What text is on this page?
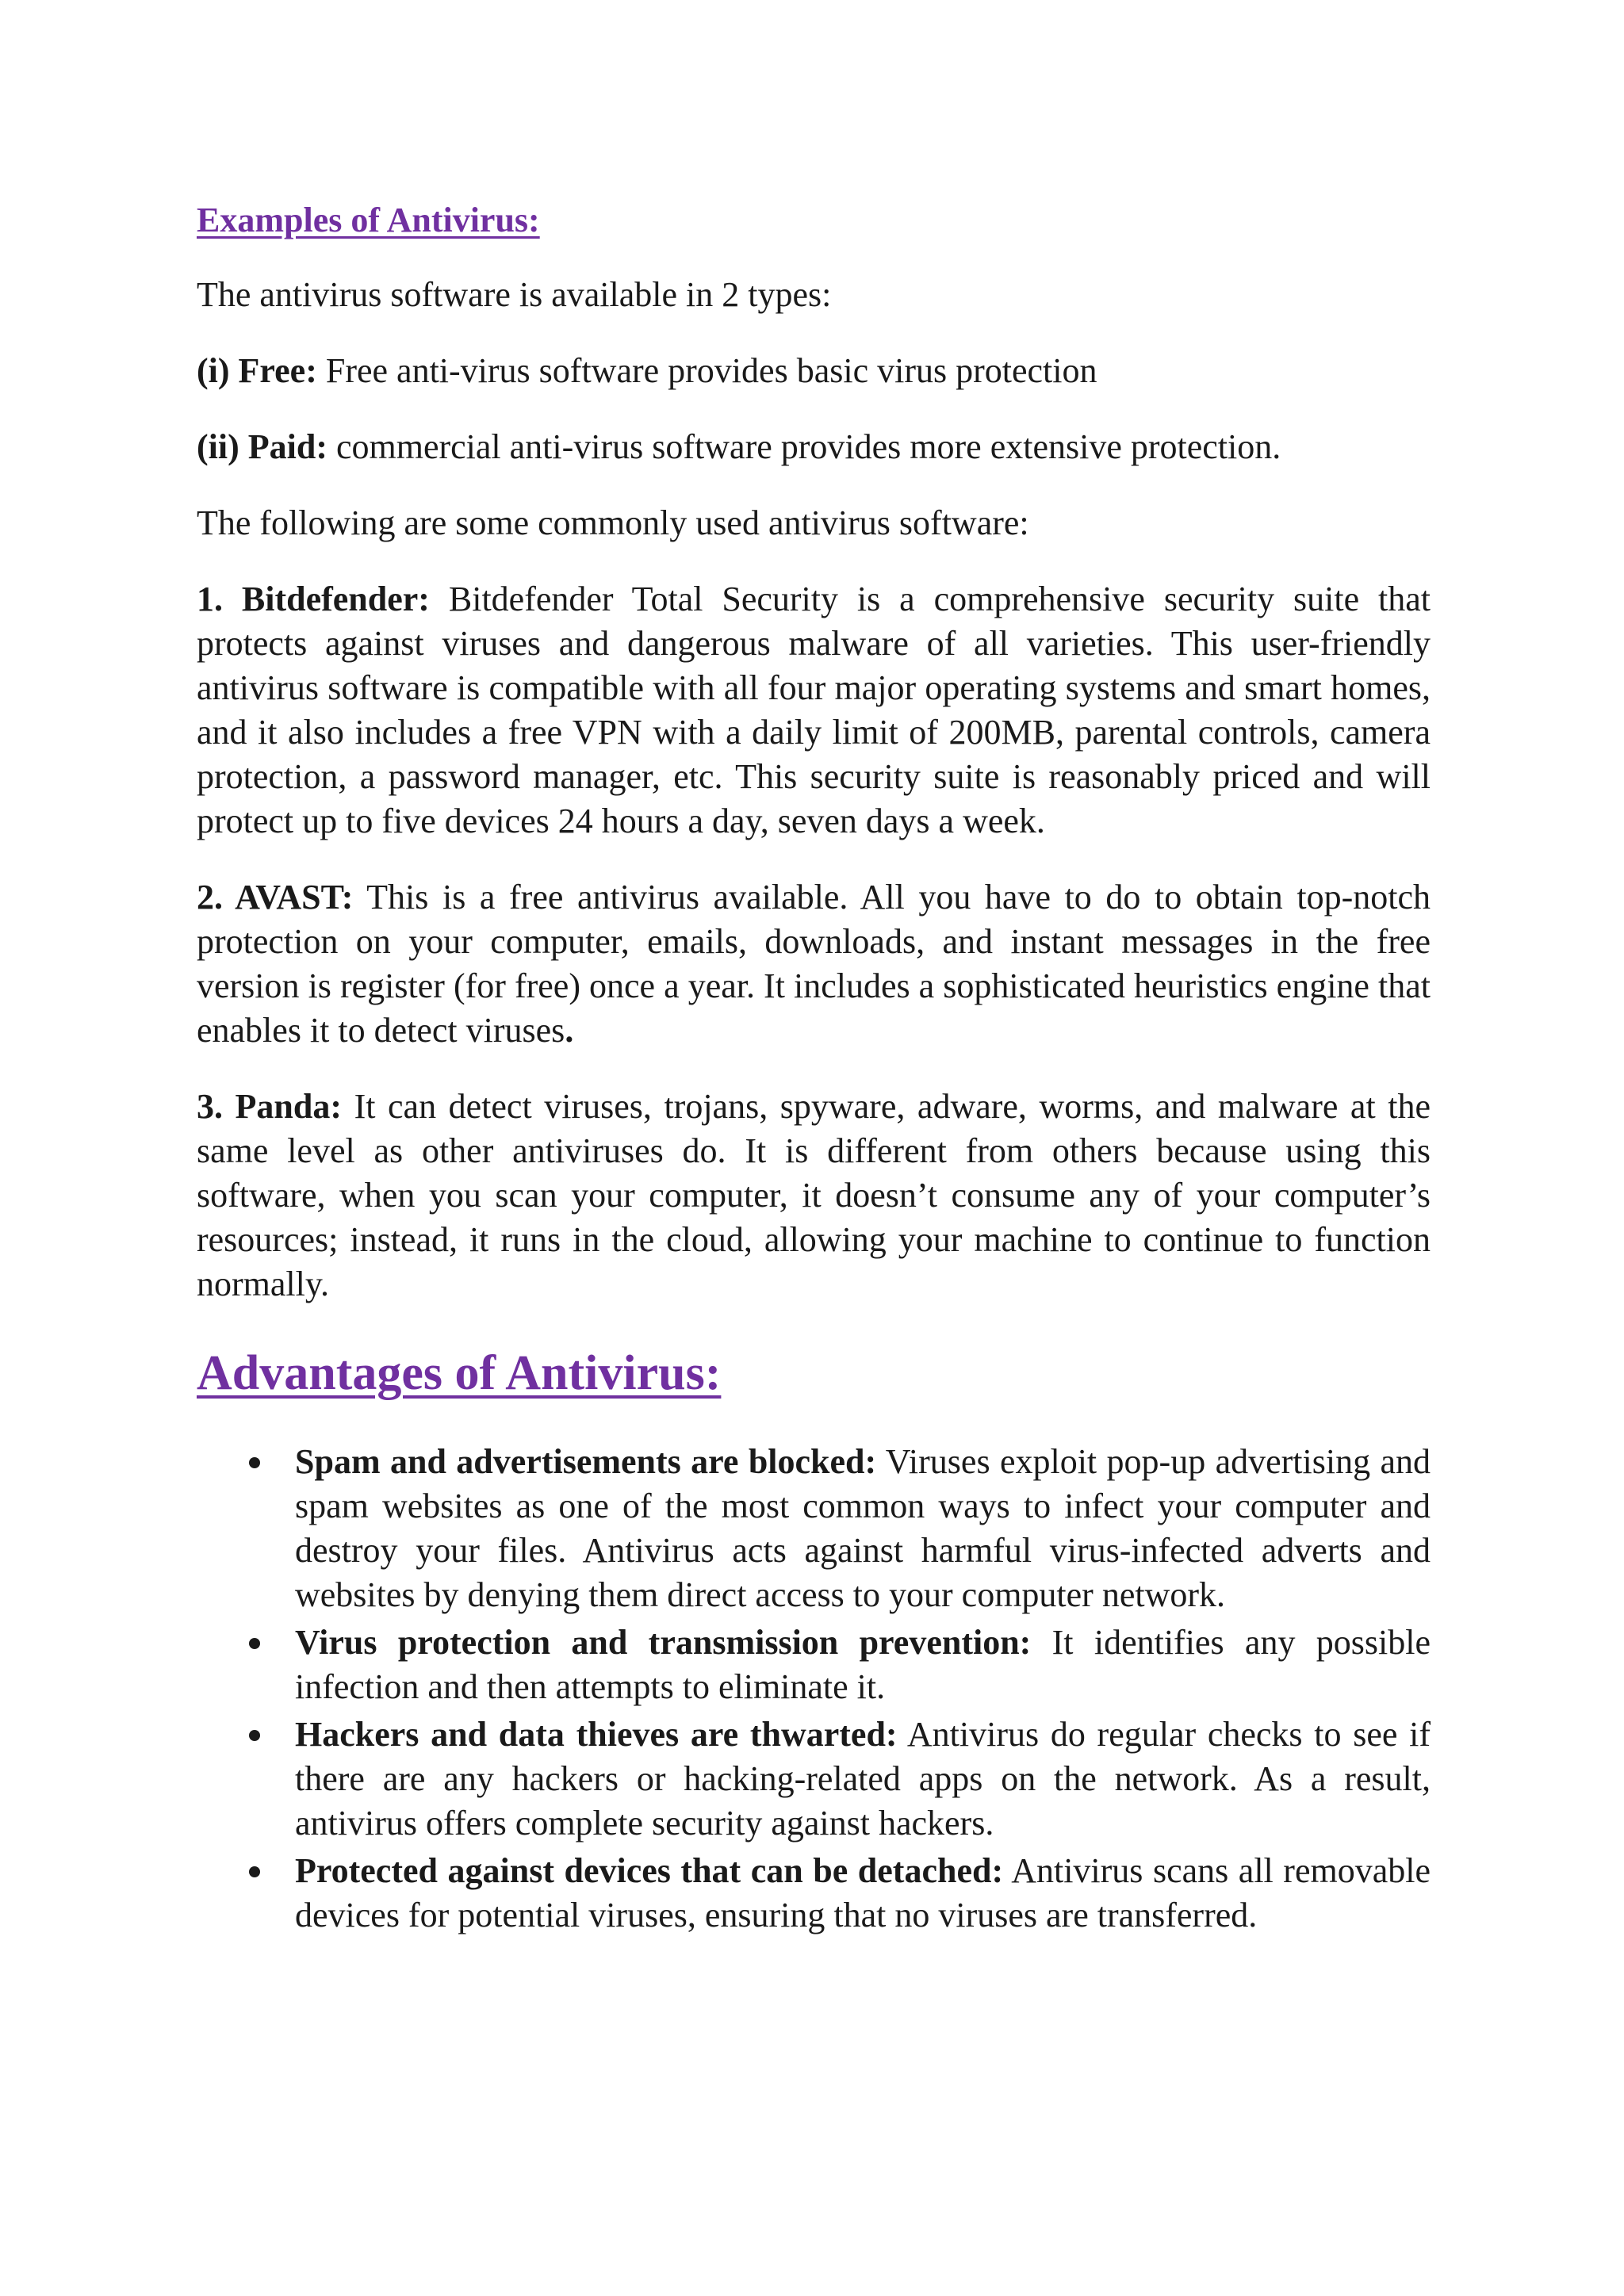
Examples of Antivirus:

The antivirus software is available in 2 types:

(i) Free: Free anti-virus software provides basic virus protection

(ii) Paid: commercial anti-virus software provides more extensive protection.

The following are some commonly used antivirus software:

1. Bitdefender: Bitdefender Total Security is a comprehensive security suite that protects against viruses and dangerous malware of all varieties. This user-friendly antivirus software is compatible with all four major operating systems and smart homes, and it also includes a free VPN with a daily limit of 200MB, parental controls, camera protection, a password manager, etc. This security suite is reasonably priced and will protect up to five devices 24 hours a day, seven days a week.

2. AVAST: This is a free antivirus available. All you have to do to obtain top-notch protection on your computer, emails, downloads, and instant messages in the free version is register (for free) once a year. It includes a sophisticated heuristics engine that enables it to detect viruses.

3. Panda: It can detect viruses, trojans, spyware, adware, worms, and malware at the same level as other antiviruses do. It is different from others because using this software, when you scan your computer, it doesn’t consume any of your computer’s resources; instead, it runs in the cloud, allowing your machine to continue to function normally.

Advantages of Antivirus:
Spam and advertisements are blocked: Viruses exploit pop-up advertising and spam websites as one of the most common ways to infect your computer and destroy your files. Antivirus acts against harmful virus-infected adverts and websites by denying them direct access to your computer network.
Virus protection and transmission prevention: It identifies any possible infection and then attempts to eliminate it.
Hackers and data thieves are thwarted: Antivirus do regular checks to see if there are any hackers or hacking-related apps on the network. As a result, antivirus offers complete security against hackers.
Protected against devices that can be detached: Antivirus scans all removable devices for potential viruses, ensuring that no viruses are transferred.
